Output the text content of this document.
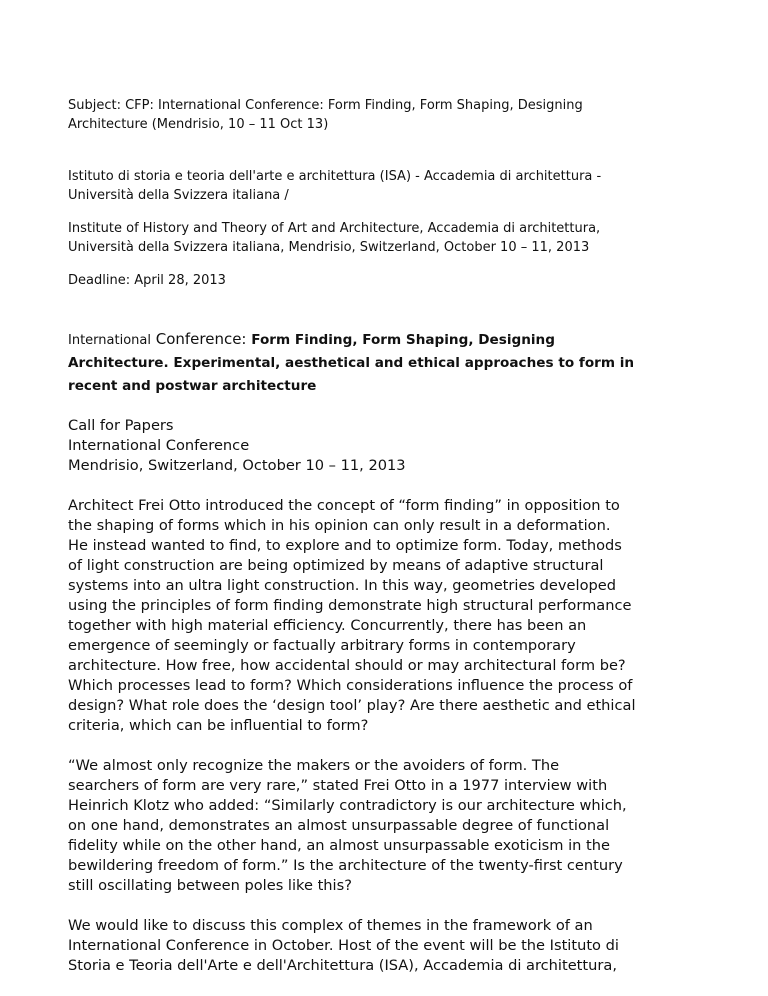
Subject: CFP: International Conference: Form Finding, Form Shaping, Designing
Architecture (Mendrisio, 10 – 11 Oct 13)

Istituto di storia e teoria dell'arte e architettura (ISA) - Accademia di architettura -
Università della Svizzera italiana /

Institute of History and Theory of Art and Architecture, Accademia di architettura,
Università della Svizzera italiana, Mendrisio, Switzerland, October 10 – 11, 2013

Deadline: April 28, 2013

International Conference: Form Finding, Form Shaping, Designing
Architecture. Experimental, aesthetical and ethical approaches to form in
recent and postwar architecture

Call for Papers
International Conference
Mendrisio, Switzerland, October 10 – 11, 2013

Architect Frei Otto introduced the concept of “form finding” in opposition to
the shaping of forms which in his opinion can only result in a deformation.
He instead wanted to find, to explore and to optimize form. Today, methods
of light construction are being optimized by means of adaptive structural
systems into an ultra light construction. In this way, geometries developed
using the principles of form finding demonstrate high structural performance
together with high material efficiency. Concurrently, there has been an
emergence of seemingly or factually arbitrary forms in contemporary
architecture. How free, how accidental should or may architectural form be?
Which processes lead to form? Which considerations influence the process of
design? What role does the ‘design tool’ play? Are there aesthetic and ethical
criteria, which can be influential to form?

“We almost only recognize the makers or the avoiders of form. The
searchers of form are very rare,” stated Frei Otto in a 1977 interview with
Heinrich Klotz who added: “Similarly contradictory is our architecture which,
on one hand, demonstrates an almost unsurpassable degree of functional
fidelity while on the other hand, an almost unsurpassable exoticism in the
bewildering freedom of form.” Is the architecture of the twenty-first century
still oscillating between poles like this?

We would like to discuss this complex of themes in the framework of an
International Conference in October. Host of the event will be the Istituto di
Storia e Teoria dell'Arte e dell'Architettura (ISA), Accademia di architettura,
